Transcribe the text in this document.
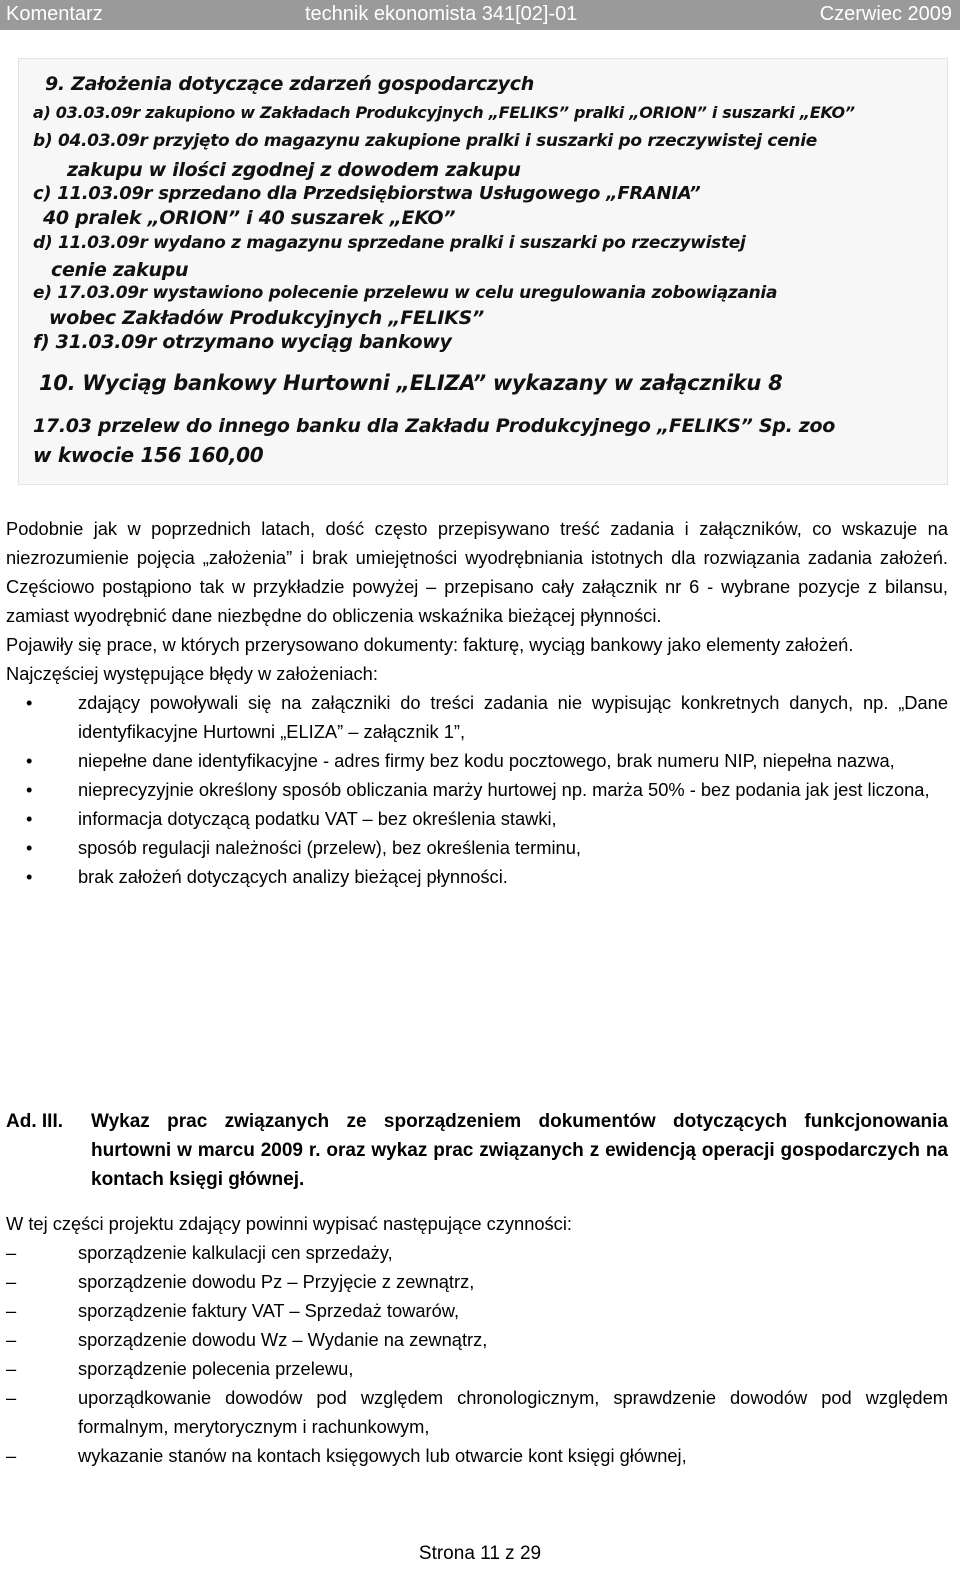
Komentarz	technik ekonomista 341[02]-01	Czerwiec 2009
9. Założenia dotyczące zdarzeń gospodarczych
a) 03.03.09r zakupiono w Zakładach Produkcyjnych „FELIKS” pralki „ORION” i suszarki „EKO”
b) 04.03.09r przyjęto do magazynu zakupione pralki i suszarki po rzeczywistej cenie
zakupu w ilości zgodnej z dowodem zakupu
c) 11.03.09r sprzedano dla Przedsiębiorstwa Usługowego „FRANIA”
40 pralek „ORION” i 40 suszarek „EKO”
d) 11.03.09r wydano z magazynu sprzedane pralki i suszarki po rzeczywistej
cenie zakupu
e) 17.03.09r wystawiono polecenie przelewu w celu uregulowania zobowiązania
wobec Zakładów Produkcyjnych „FELIKS”
f) 31.03.09r otrzymano wyciąg bankowy
10. Wyciąg bankowy Hurtowni „ELIZA” wykazany w załączniku 8
17.03 przelew do innego banku dla Zakładu Produkcyjnego „FELIKS” Sp. zoo
w kwocie 156 160,00

Podobnie jak w poprzednich latach, dość często przepisywano treść zadania i załączników, co wskazuje na niezrozumienie pojęcia „założenia” i brak umiejętności wyodrębniania istotnych dla rozwiązania zadania założeń. Częściowo postąpiono tak w przykładzie powyżej – przepisano cały załącznik nr 6 - wybrane pozycje z bilansu, zamiast wyodrębnić dane niezbędne do obliczenia wskaźnika bieżącej płynności.

Pojawiły się prace, w których przerysowano dokumenty: fakturę, wyciąg bankowy jako elementy założeń.

Najczęściej występujące błędy w założeniach:

• zdający powoływali się na załączniki do treści zadania nie wypisując konkretnych danych, np. „Dane identyfikacyjne Hurtowni „ELIZA” – załącznik 1”,
• niepełne dane identyfikacyjne - adres firmy bez kodu pocztowego, brak numeru NIP, niepełna nazwa,
• nieprecyzyjnie określony sposób obliczania marży hurtowej np. marża 50% - bez podania jak jest liczona,
• informacja dotyczącą podatku VAT – bez określenia stawki,
• sposób regulacji należności (przelew), bez określenia terminu,
• brak założeń dotyczących analizy bieżącej płynności.
Ad. III.	Wykaz prac związanych ze sporządzeniem dokumentów dotyczących funkcjonowania hurtowni w marcu 2009 r. oraz wykaz prac związanych z ewidencją operacji gospodarczych na kontach księgi głównej.

W tej części projektu zdający powinni wypisać następujące czynności:

–	sporządzenie kalkulacji cen sprzedaży,
–	sporządzenie dowodu Pz – Przyjęcie z zewnątrz,
–	sporządzenie faktury VAT – Sprzedaż towarów,
–	sporządzenie dowodu Wz – Wydanie na zewnątrz,
–	sporządzenie polecenia przelewu,
–	uporządkowanie dowodów pod względem chronologicznym, sprawdzenie dowodów pod względem formalnym, merytorycznym i rachunkowym,
–	wykazanie stanów na kontach księgowych lub otwarcie kont księgi głównej,
Strona 11 z 29
